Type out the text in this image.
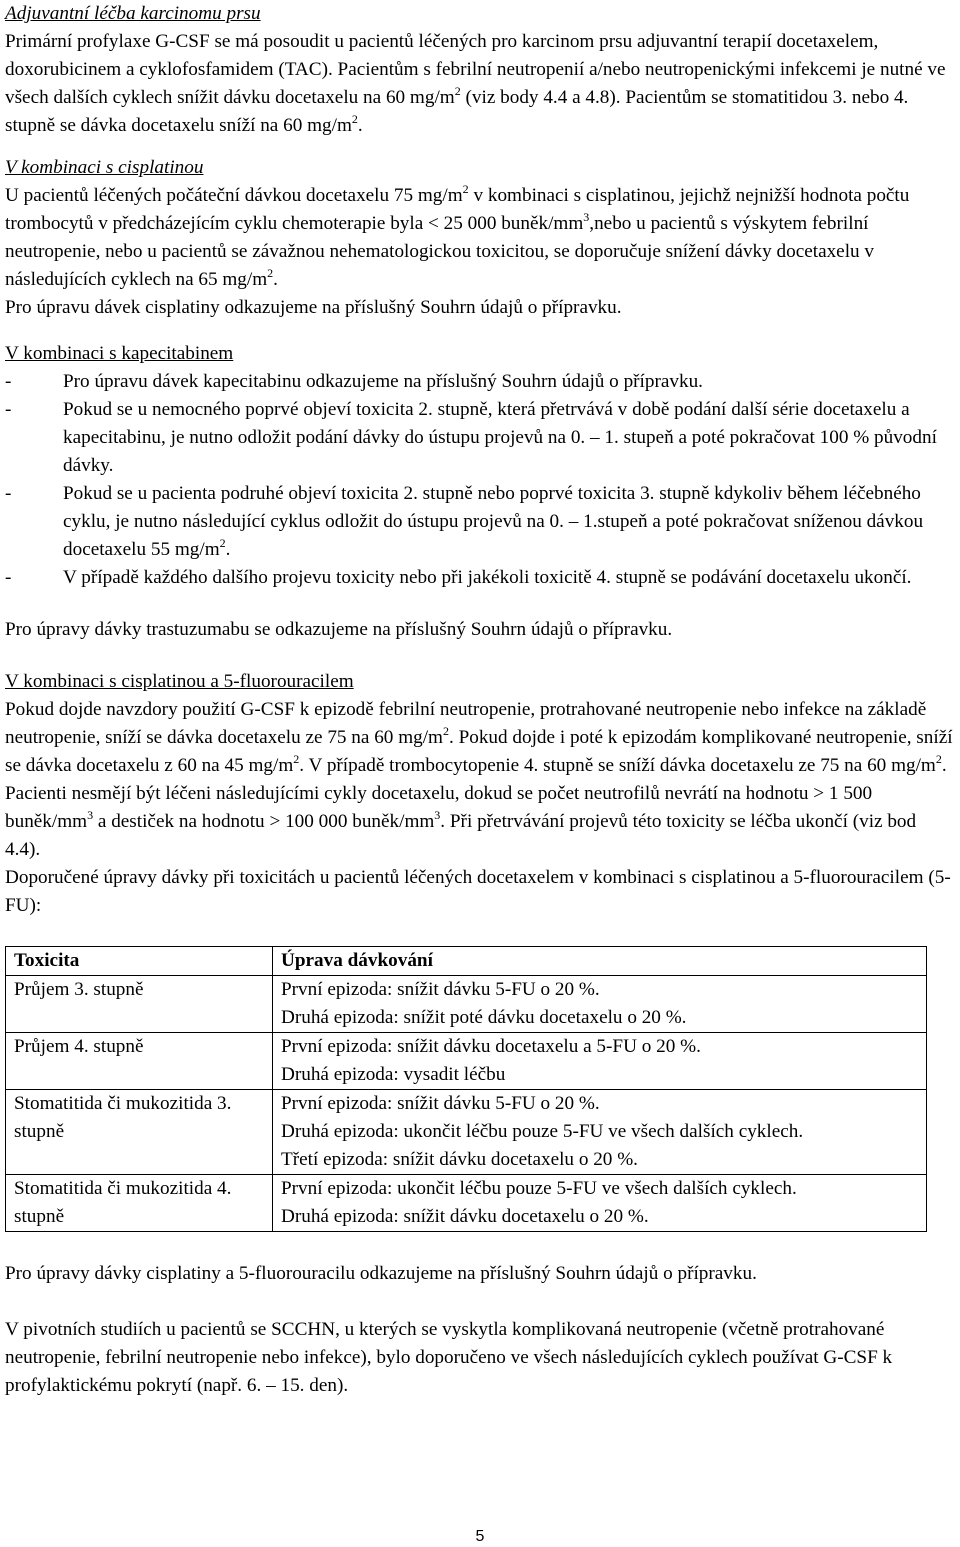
Adjuvantní léčba karcinomu prsu

Primární profylaxe G-CSF se má posoudit u pacientů léčených pro karcinom prsu adjuvantní terapií docetaxelem, doxorubicinem a cyklofosfamidem (TAC). Pacientům s febrilní neutropenií a/nebo neutropenickými infekcemi je nutné ve všech dalších cyklech snížit dávku docetaxelu na 60 $mg/m^2$ (viz body 4.4 a 4.8). Pacientům se stomatitidou 3. nebo 4. stupně se dávka docetaxelu sníží na 60 $mg/m^2$.

V kombinaci s cisplatinou

U pacientů léčených počáteční dávkou docetaxelu 75 $mg/m^2$ v kombinaci s cisplatinou, jejichž nejnižší hodnota počtu trombocytů v předcházejícím cyklu chemoterapie byla < 25 000 buněk/$mm^3,nebo$ u pacientů s výskytem febrilní neutropenie, nebo u pacientů se závažnou nehematologickou toxicitou, se doporučuje snížení dávky docetaxelu v následujících cyklech na 65 $mg/m^2$.

Pro úpravu dávek cisplatiny odkazujeme na příslušný Souhrn údajů o přípravku.

V kombinaci s kapecitabinem

- Pro úpravu dávek kapecitabinu odkazujeme na příslušný Souhrn údajů o přípravku.
- Pokud se u nemocného poprvé objeví toxicita 2. stupně, která přetrvává v době podání další série docetaxelu a kapecitabinu, je nutno odložit podání dávky do ústupu projevů na 0. – 1. stupeň a poté pokračovat 100 % původní dávky.
- Pokud se u pacienta podruhé objeví toxicita 2. stupně nebo poprvé toxicita 3. stupně kdykoliv během léčebného cyklu, je nutno následující cyklus odložit do ústupu projevů na 0. – 1.stupeň a poté pokračovat sníženou dávkou docetaxelu 55 $mg/m^2$.
- V případě každého dalšího projevu toxicity nebo při jakékoli toxicitě 4. stupně se podávání docetaxelu ukončí.

Pro úpravy dávky trastuzumabu se odkazujeme na příslušný Souhrn údajů o přípravku.

V kombinaci s cisplatinou a 5-fluorouracilem

Pokud dojde navzdory použití G-CSF k epizodě febrilní neutropenie, protrahované neutropenie nebo infekce na základě neutropenie, sníží se dávka docetaxelu ze 75 na 60 $mg/m^2$. Pokud dojde i poté k epizodám komplikované neutropenie, sníží se dávka docetaxelu z 60 na 45 $mg/m^2$. V případě trombocytopenie 4. stupně se sníží dávka docetaxelu ze 75 na 60 $mg/m^2$. Pacienti nesmějí být léčeni následujícími cykly docetaxelu, dokud se počet neutrofilů nevrátí na hodnotu > 1 500 buněk/$mm^3$ a destiček na hodnotu > 100 000 buněk/$mm^3$. Při přetrvávání projevů této toxicity se léčba ukončí (viz bod 4.4).

Doporučené úpravy dávky při toxicitách u pacientů léčených docetaxelem v kombinaci s cisplatinou a 5-fluorouracilem (5-FU):

Toxicita	Úprava dávkování
Průjem 3. stupně	První epizoda: snížit dávku 5-FU o 20 %.
Druhá epizoda: snížit poté dávku docetaxelu o 20 %.

Průjem 4. stupně	První epizoda: snížit dávku docetaxelu a 5-FU o 20 %.
Druhá epizoda: vysadit léčbu

Stomatitida či mukozitida 3. stupně	První epizoda: snížit dávku 5-FU o 20 %.
Druhá epizoda: ukončit léčbu pouze 5-FU ve všech dalších cyklech.
Třetí epizoda: snížit dávku docetaxelu o 20 %.

Stomatitida či mukozitida 4. stupně	První epizoda: ukončit léčbu pouze 5-FU ve všech dalších cyklech.
Druhá epizoda: snížit dávku docetaxelu o 20 %.

Pro úpravy dávky cisplatiny a 5-fluorouracilu odkazujeme na příslušný Souhrn údajů o přípravku.

V pivotních studiích u pacientů se SCCHN, u kterých se vyskytla komplikovaná neutropenie (včetně protrahované neutropenie, febrilní neutropenie nebo infekce), bylo doporučeno ve všech následujících cyklech používat G-CSF k profylaktickému pokrytí (např. 6. – 15. den).

5
